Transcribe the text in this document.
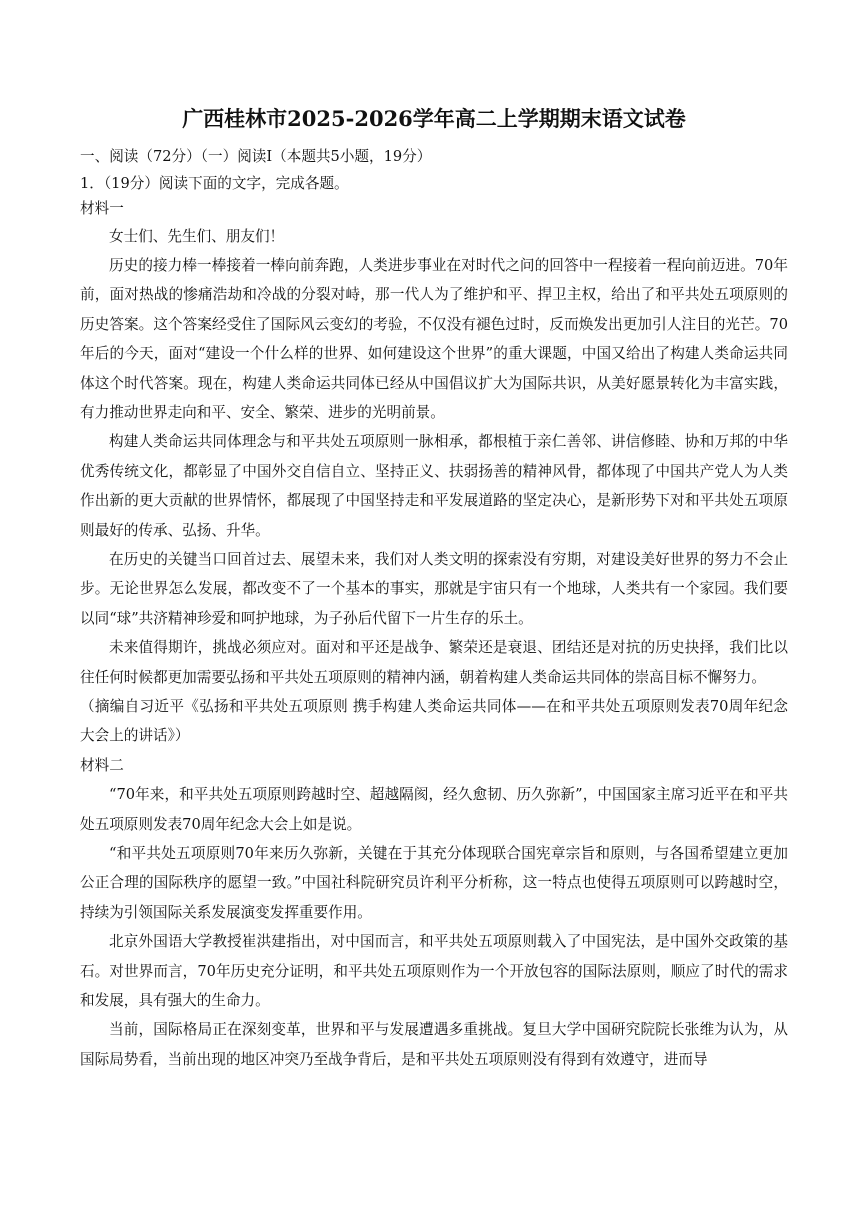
广西桂林市2025-2026学年高二上学期期末语文试卷

一、阅读（72分）（一）阅读Ⅰ（本题共5小题，19分）

1．（19分）阅读下面的文字，完成各题。

材料一

女士们、先生们、朋友们！

历史的接力棒一棒接着一棒向前奔跑，人类进步事业在对时代之问的回答中一程接着一程向前迈进。70年前，面对热战的惨痛浩劫和冷战的分裂对峙，那一代人为了维护和平、捍卫主权，给出了和平共处五项原则的历史答案。这个答案经受住了国际风云变幻的考验，不仅没有褪色过时，反而焕发出更加引人注目的光芒。70年后的今天，面对“建设一个什么样的世界、如何建设这个世界”的重大课题，中国又给出了构建人类命运共同体这个时代答案。现在，构建人类命运共同体已经从中国倡议扩大为国际共识，从美好愿景转化为丰富实践，有力推动世界走向和平、安全、繁荣、进步的光明前景。

构建人类命运共同体理念与和平共处五项原则一脉相承，都根植于亲仁善邻、讲信修睦、协和万邦的中华优秀传统文化，都彰显了中国外交自信自立、坚持正义、扶弱扬善的精神风骨，都体现了中国共产党人为人类作出新的更大贡献的世界情怀，都展现了中国坚持走和平发展道路的坚定决心，是新形势下对和平共处五项原则最好的传承、弘扬、升华。

在历史的关键当口回首过去、展望未来，我们对人类文明的探索没有穷期，对建设美好世界的努力不会止步。无论世界怎么发展，都改变不了一个基本的事实，那就是宇宙只有一个地球，人类共有一个家园。我们要以同“球”共济精神珍爱和呵护地球，为子孙后代留下一片生存的乐土。

未来值得期许，挑战必须应对。面对和平还是战争、繁荣还是衰退、团结还是对抗的历史抉择，我们比以往任何时候都更加需要弘扬和平共处五项原则的精神内涵，朝着构建人类命运共同体的崇高目标不懈努力。

（摘编自习近平《弘扬和平共处五项原则 携手构建人类命运共同体——在和平共处五项原则发表70周年纪念大会上的讲话》）

材料二

“70年来，和平共处五项原则跨越时空、超越隔阂，经久愈韧、历久弥新”，中国国家主席习近平在和平共处五项原则发表70周年纪念大会上如是说。

“和平共处五项原则70年来历久弥新，关键在于其充分体现联合国宪章宗旨和原则，与各国希望建立更加公正合理的国际秩序的愿望一致。”中国社科院研究员许利平分析称，这一特点也使得五项原则可以跨越时空，持续为引领国际关系发展演变发挥重要作用。

北京外国语大学教授崔洪建指出，对中国而言，和平共处五项原则载入了中国宪法，是中国外交政策的基石。对世界而言，70年历史充分证明，和平共处五项原则作为一个开放包容的国际法原则，顺应了时代的需求和发展，具有强大的生命力。

当前，国际格局正在深刻变革，世界和平与发展遭遇多重挑战。复旦大学中国研究院院长张维为认为，从国际局势看，当前出现的地区冲突乃至战争背后，是和平共处五项原则没有得到有效遵守，进而导
